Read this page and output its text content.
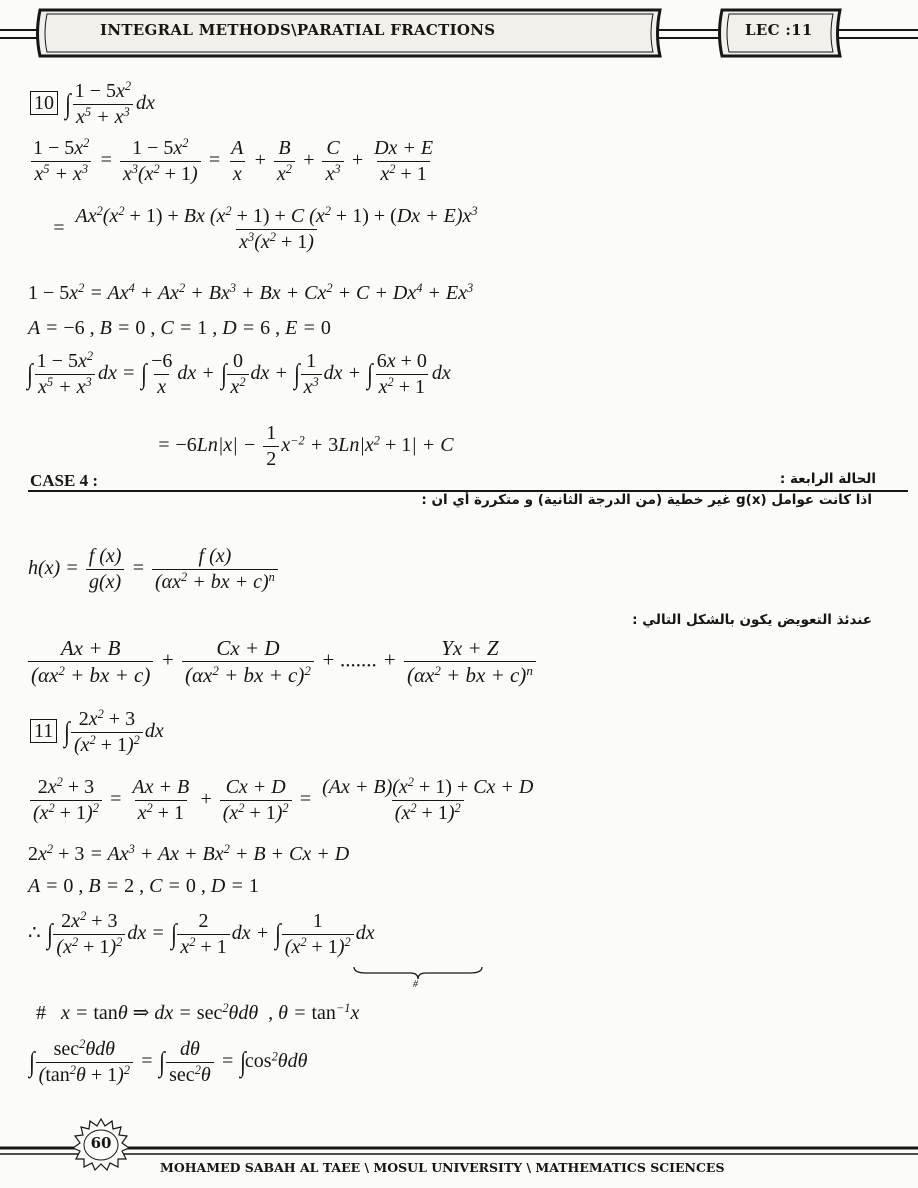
INTEGRAL METHODS\PARATIAL FRACTIONS	LEC :11
10 ∫ $\frac{1 - 5x^2}{x^5 + x^3}$ dx
$\frac{1 - 5x^2}{x^5 + x^3} = \frac{1 - 5x^2}{x^3(x^2 + 1)} = \frac{A}{x} + \frac{B}{x^2} + \frac{C}{x^3} + \frac{Dx + E}{x^2 + 1}$
= $\frac{Ax^2(x^2 + 1) + Bx (x^2 + 1) + C (x^2 + 1) + (Dx + E)x^3}{x^3(x^2 + 1)}$
$1 - 5x^2 = Ax^4 + Ax^2 + Bx^3 + Bx + Cx^2 + C + Dx^4 + Ex^3$
A = −6 , B = 0 , C = 1 , D = 6 , E = 0
∫ $\frac{1 - 5x^2}{x^5 + x^3}$ dx = ∫ $\frac{-6}{x}$ dx + ∫ $\frac{0}{x^2}$ dx + ∫ $\frac{1}{x^3}$ dx + ∫ $\frac{6x + 0}{x^2 + 1}$ dx
= $-6Ln|x| - \frac{1}{2} x^{-2} + 3Ln|x^2 + 1| + C$
CASE 4 :	الحالة الرابعة :
اذا كانت عوامل g(x) غير خطية (من الدرجة الثانية) و متكررة أي ان :
$h(x) = \frac{f (x)}{g(x)} = \frac{f (x)}{(\alpha x^2 + bx + c)^n}$
عندئذ التعويض يكون بالشكل التالي :
$\frac{Ax + B}{(\alpha x^2 + bx + c)} + \frac{Cx + D}{(\alpha x^2 + bx + c)^2}$ + ....... + $\frac{Yx + Z}{(\alpha x^2 + bx + c)^n}$
11 ∫ $\frac{2x^2 + 3}{(x^2 + 1)^2}$ dx
$\frac{2x^2 + 3}{(x^2 + 1)^2} = \frac{Ax + B}{x^2 + 1} + \frac{Cx + D}{(x^2 + 1)^2} = \frac{(Ax + B)(x^2 + 1) + Cx + D}{(x^2 + 1)^2}$
$2x^2 + 3 = Ax^3 + Ax + Bx^2 + B + Cx + D$
A = 0 , B = 2 , C = 0 , D = 1
∴ ∫ $\frac{2x^2 + 3}{(x^2 + 1)^2}$ dx = ∫ $\frac{2}{x^2 + 1}$ dx + ∫ $\frac{1}{(x^2 + 1)^2}$ dx
#
#   x = tanθ ⇒ dx = $\sec^2\theta d\theta$  , $\theta = \tan^{-1}x$
∫ $\frac{\sec^2\theta d\theta}{(\tan^2\theta + 1)^2}$ = ∫ $\frac{d\theta}{\sec^2\theta} = \int\cos^2\theta d\theta$
60
MOHAMED SABAH AL TAEE \ MOSUL UNIVERSITY \ MATHEMATICS SCIENCES
